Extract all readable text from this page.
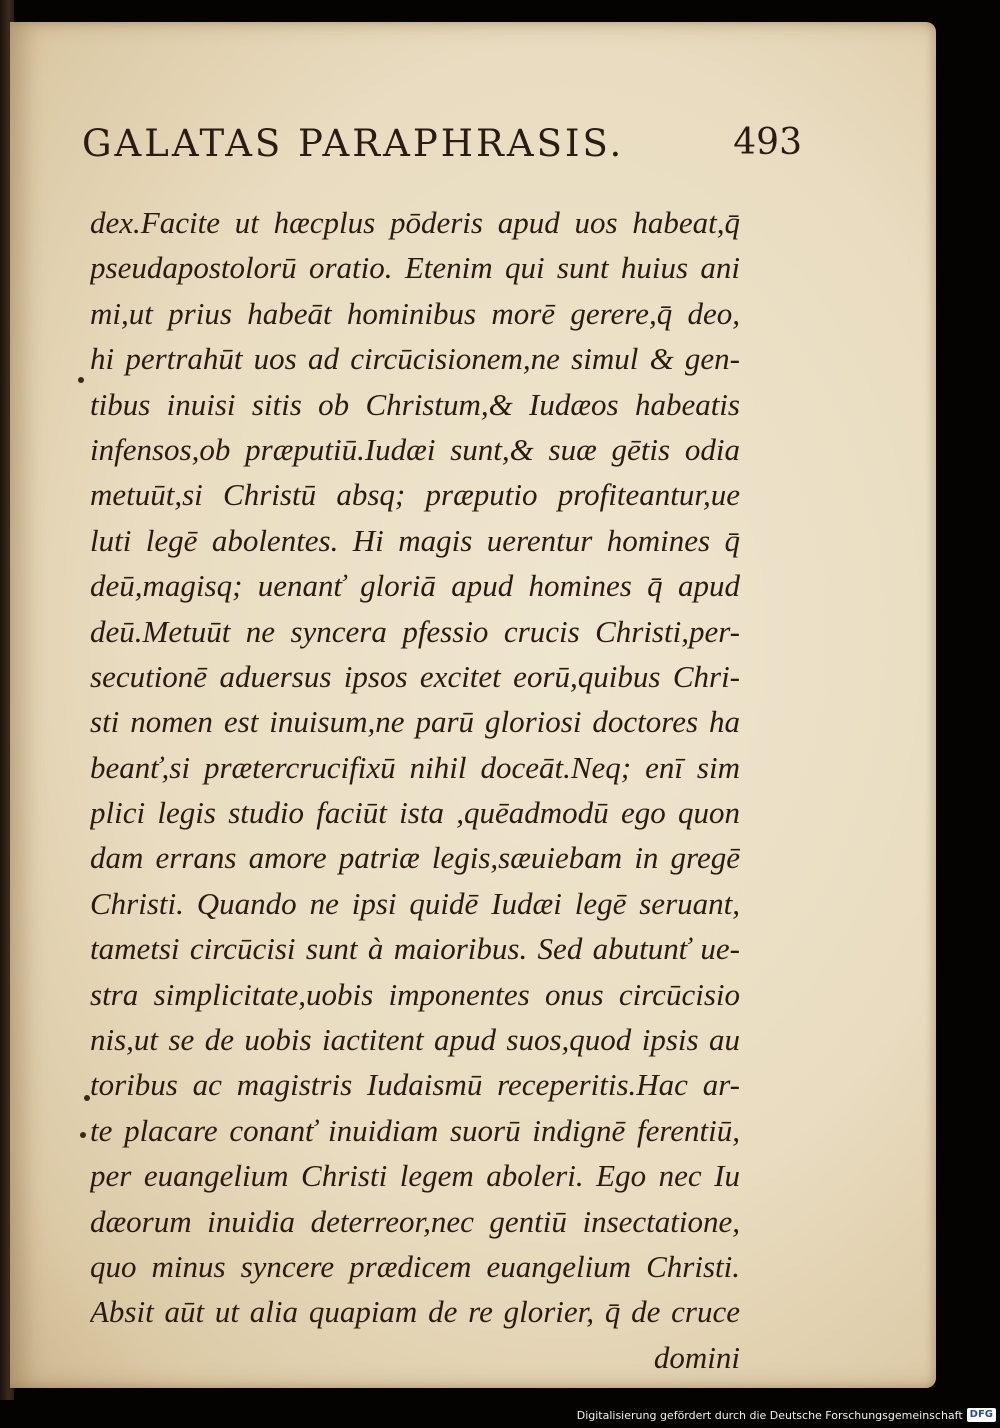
GALATAS PARAPHRASIS.	493
dex.Facite ut hæcplus pōderis apud uos habeat,q̄
pseudapostolorū oratio. Etenim qui sunt huius ani
mi,ut prius habeāt hominibus morē gerere,q̄ deo,
hi pertrahūt uos ad circūcisionem,ne simul & gen-
tibus inuisi sitis ob Christum,& Iudæos habeatis
infensos,ob præputiū.Iudæi sunt,& suæ gētis odia
metuūt,si Christū absq; præputio profiteantur,ue
luti legē abolentes. Hi magis uerentur homines q̄
deū,magisq; uenanť gloriā apud homines q̄ apud
deū.Metuūt ne syncera pfessio crucis Christi,per-
secutionē aduersus ipsos excitet eorū,quibus Chri-
sti nomen est inuisum,ne parū gloriosi doctores ha
beanť,si prætercrucifixū nihil doceāt.Neq; enī sim
plici legis studio faciūt ista ,quēadmodū ego quon
dam errans amore patriæ legis,sæuiebam in gregē
Christi. Quando ne ipsi quidē Iudæi legē seruant,
tametsi circūcisi sunt à maioribus. Sed abutunť ue-
stra simplicitate,uobis imponentes onus circūcisio
nis,ut se de uobis iactitent apud suos,quod ipsis au
toribus ac magistris Iudaismū receperitis.Hac ar-
te placare conanť inuidiam suorū indignē ferentiū,
per euangelium Christi legem aboleri. Ego nec Iu
dæorum inuidia deterreor,nec gentiū insectatione,
quo minus syncere prædicem euangelium Christi.
Absit aūt ut alia quapiam de re glorier, q̄ de cruce
domini
Digitalisierung gefördert durch die Deutsche Forschungsgemeinschaft DFG
